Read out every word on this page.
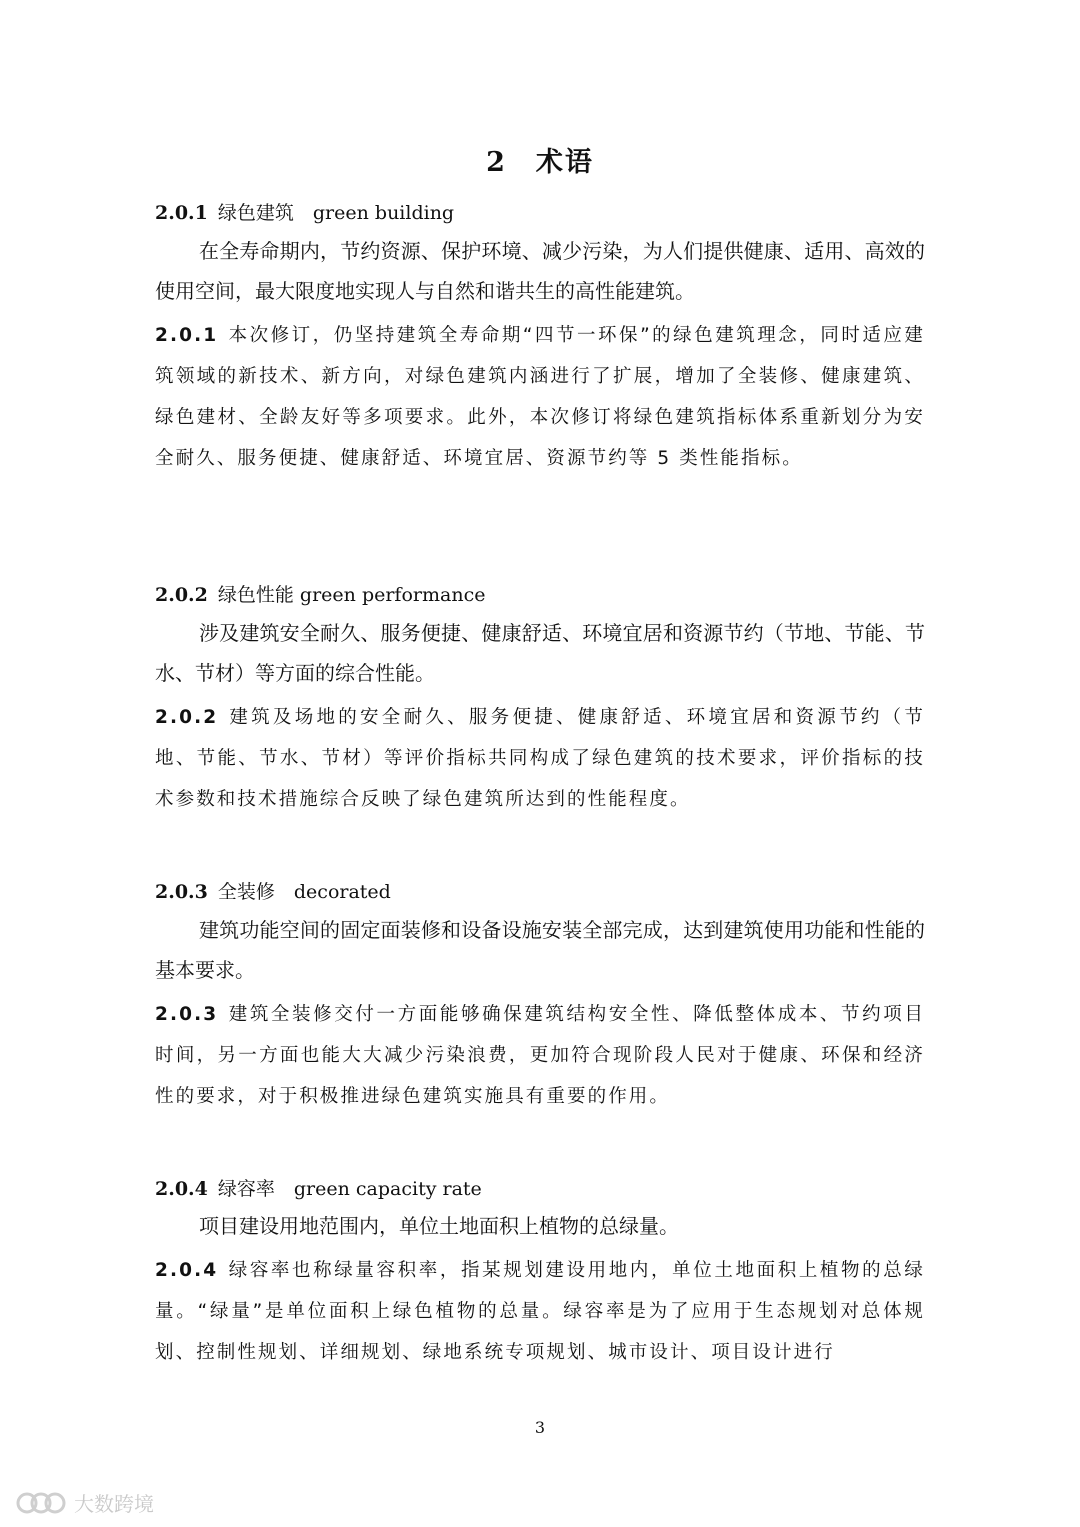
2　术语
2.0.1 绿色建筑　green building
在全寿命期内，节约资源、保护环境、减少污染，为人们提供健康、适用、高效的使用空间，最大限度地实现人与自然和谐共生的高性能建筑。
2.0.1 本次修订，仍坚持建筑全寿命期“四节一环保”的绿色建筑理念，同时适应建筑领域的新技术、新方向，对绿色建筑内涵进行了扩展，增加了全装修、健康建筑、绿色建材、全龄友好等多项要求。此外，本次修订将绿色建筑指标体系重新划分为安全耐久、服务便捷、健康舒适、环境宜居、资源节约等 5 类性能指标。
2.0.2 绿色性能 green performance
涉及建筑安全耐久、服务便捷、健康舒适、环境宜居和资源节约（节地、节能、节水、节材）等方面的综合性能。
2.0.2 建筑及场地的安全耐久、服务便捷、健康舒适、环境宜居和资源节约（节地、节能、节水、节材）等评价指标共同构成了绿色建筑的技术要求，评价指标的技术参数和技术措施综合反映了绿色建筑所达到的性能程度。
2.0.3 全装修　decorated
建筑功能空间的固定面装修和设备设施安装全部完成，达到建筑使用功能和性能的基本要求。
2.0.3 建筑全装修交付一方面能够确保建筑结构安全性、降低整体成本、节约项目时间，另一方面也能大大减少污染浪费，更加符合现阶段人民对于健康、环保和经济性的要求，对于积极推进绿色建筑实施具有重要的作用。
2.0.4 绿容率　green capacity rate
项目建设用地范围内，单位土地面积上植物的总绿量。
2.0.4 绿容率也称绿量容积率，指某规划建设用地内，单位土地面积上植物的总绿量。“绿量”是单位面积上绿色植物的总量。绿容率是为了应用于生态规划对总体规划、控制性规划、详细规划、绿地系统专项规划、城市设计、项目设计进行
3
大数跨境
